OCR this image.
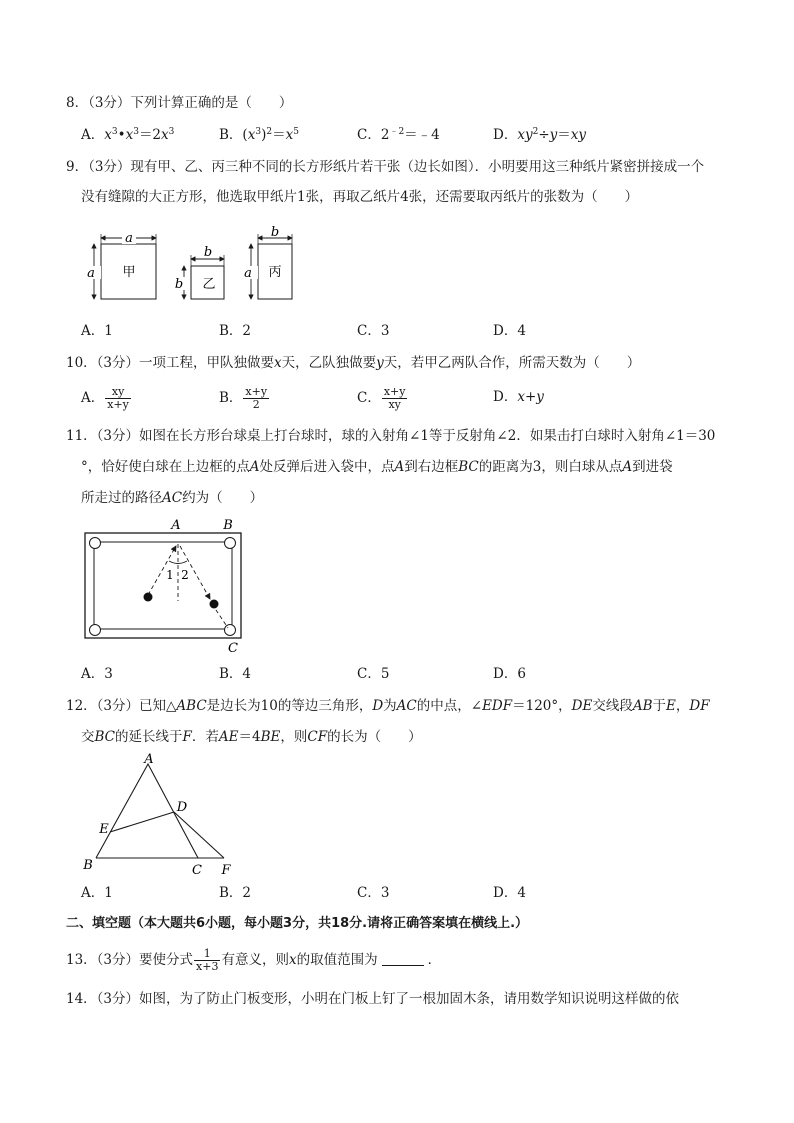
8．（3分）下列计算正确的是（　　）
A．$x^3•x^3=2x^3$	B．$(x^3)^2=x^5$	C．$2^{﹣2}=﹣4$	D．$xy^2\div y=xy$
9．（3分）现有甲、乙、丙三种不同的长方形纸片若干张（边长如图）．小明要用这三种纸片紧密拼接成一个
没有缝隙的大正方形，他选取甲纸片1张，再取乙纸片4张，还需要取丙纸片的张数为（　　）
a
a 甲
b
b 乙
b
a 丙
A．1	B．2	C．3	D．4
10．（3分）一项工程，甲队独做要x天，乙队独做要y天，若甲乙两队合作，所需天数为（　　）
A． $\frac{xy}{x+y}$	B． $\frac{x+y}{2}$	C． $\frac{x+y}{xy}$	D．x+y
11．（3分）如图在长方形台球桌上打台球时，球的入射角∠1等于反射角∠2．如果击打白球时入射角∠1＝30
°，恰好使白球在上边框的点A处反弹后进入袋中，点A到右边框BC的距离为3，则白球从点A到进袋
所走过的路径AC约为（　　）
A	B
C
1 2
A．3	B．4	C．5	D．6
12．（3分）已知△ABC是边长为10的等边三角形，D为AC的中点，∠EDF＝120°，DE交线段AB于E，DF
交BC的延长线于F．若AE＝4BE，则CF的长为（　　）
A
D
E
B	C F
A．1	B．2	C．3	D．4
二、填空题（本大题共6小题，每小题3分，共18分.请将正确答案填在横线上.）
13．（3分）要使分式 $\frac{1}{x+3}$ 有意义，则x的取值范围为	．
14．（3分）如图，为了防止门板变形，小明在门板上钉了一根加固木条，请用数学知识说明这样做的依
